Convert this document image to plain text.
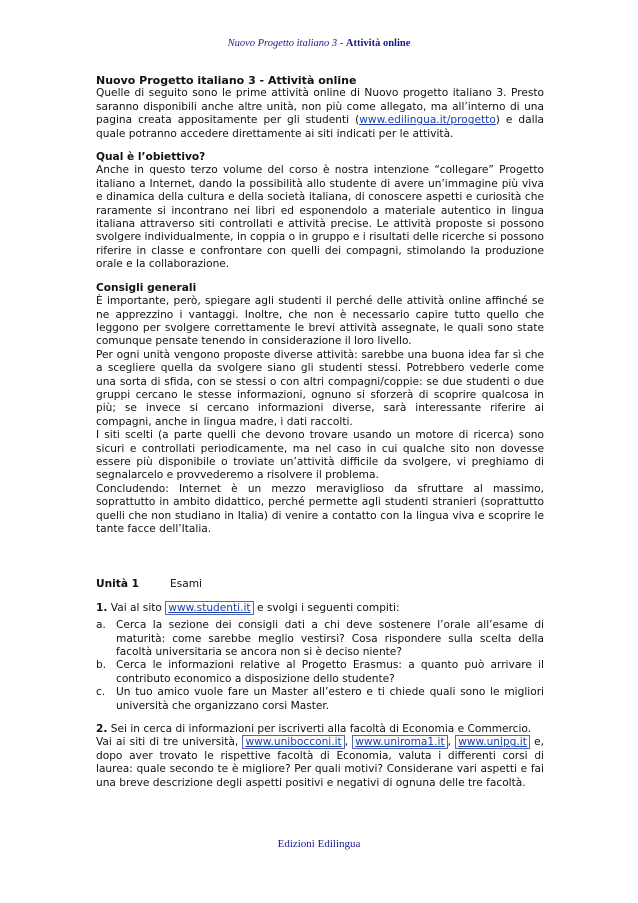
Nuovo Progetto italiano 3 - Attività online

Nuovo Progetto italiano 3 - Attività online

Quelle di seguito sono le prime attività online di Nuovo progetto italiano 3. Presto saranno disponibili anche altre unità, non più come allegato, ma all’interno di una pagina creata appositamente per gli studenti (www.edilingua.it/progetto) e dalla quale potranno accedere direttamente ai siti indicati per le attività.

Qual è l’obiettivo?

Anche in questo terzo volume del corso è nostra intenzione “collegare” Progetto italiano a Internet, dando la possibilità allo studente di avere un’immagine più viva e dinamica della cultura e della società italiana, di conoscere aspetti e curiosità che raramente si incontrano nei libri ed esponendolo a materiale autentico in lingua italiana attraverso siti controllati e attività precise. Le attività proposte si possono svolgere individualmente, in coppia o in gruppo e i risultati delle ricerche si possono riferire in classe e confrontare con quelli dei compagni, stimolando la produzione orale e la collaborazione.

Consigli generali

È importante, però, spiegare agli studenti il perché delle attività online affinché se ne apprezzino i vantaggi. Inoltre, che non è necessario capire tutto quello che leggono per svolgere correttamente le brevi attività assegnate, le quali sono state comunque pensate tenendo in considerazione il loro livello.

Per ogni unità vengono proposte diverse attività: sarebbe una buona idea far sì che a scegliere quella da svolgere siano gli studenti stessi. Potrebbero vederle come una sorta di sfida, con se stessi o con altri compagni/coppie: se due studenti o due gruppi cercano le stesse informazioni, ognuno si sforzerà di scoprire qualcosa in più; se invece si cercano informazioni diverse, sarà interessante riferire ai compagni, anche in lingua madre, i dati raccolti.

I siti scelti (a parte quelli che devono trovare usando un motore di ricerca) sono sicuri e controllati periodicamente, ma nel caso in cui qualche sito non dovesse essere più disponibile o troviate un’attività difficile da svolgere, vi preghiamo di segnalarcelo e provvederemo a risolvere il problema.

Concludendo: Internet è un mezzo meraviglioso da sfruttare al massimo, soprattutto in ambito didattico, perché permette agli studenti stranieri (soprattutto quelli che non studiano in Italia) di venire a contatto con la lingua viva e scoprire le tante facce dell’Italia.

Unità 1	Esami

1. Vai al sito www.studenti.it e svolgi i seguenti compiti:

a. Cerca la sezione dei consigli dati a chi deve sostenere l’orale all’esame di maturità: come sarebbe meglio vestirsi? Cosa rispondere sulla scelta della facoltà universitaria se ancora non si è deciso niente?
b. Cerca le informazioni relative al Progetto Erasmus: a quanto può arrivare il contributo economico a disposizione dello studente?
c. Un tuo amico vuole fare un Master all’estero e ti chiede quali sono le migliori università che organizzano corsi Master.

2. Sei in cerca di informazioni per iscriverti alla facoltà di Economia e Commercio.
Vai ai siti di tre università, www.unibocconi.it , www.uniroma1.it , www.unipg.it e, dopo aver trovato le rispettive facoltà di Economia, valuta i differenti corsi di laurea: quale secondo te è migliore? Per quali motivi? Considerane vari aspetti e fai una breve descrizione degli aspetti positivi e negativi di ognuna delle tre facoltà.

Edizioni Edilingua
